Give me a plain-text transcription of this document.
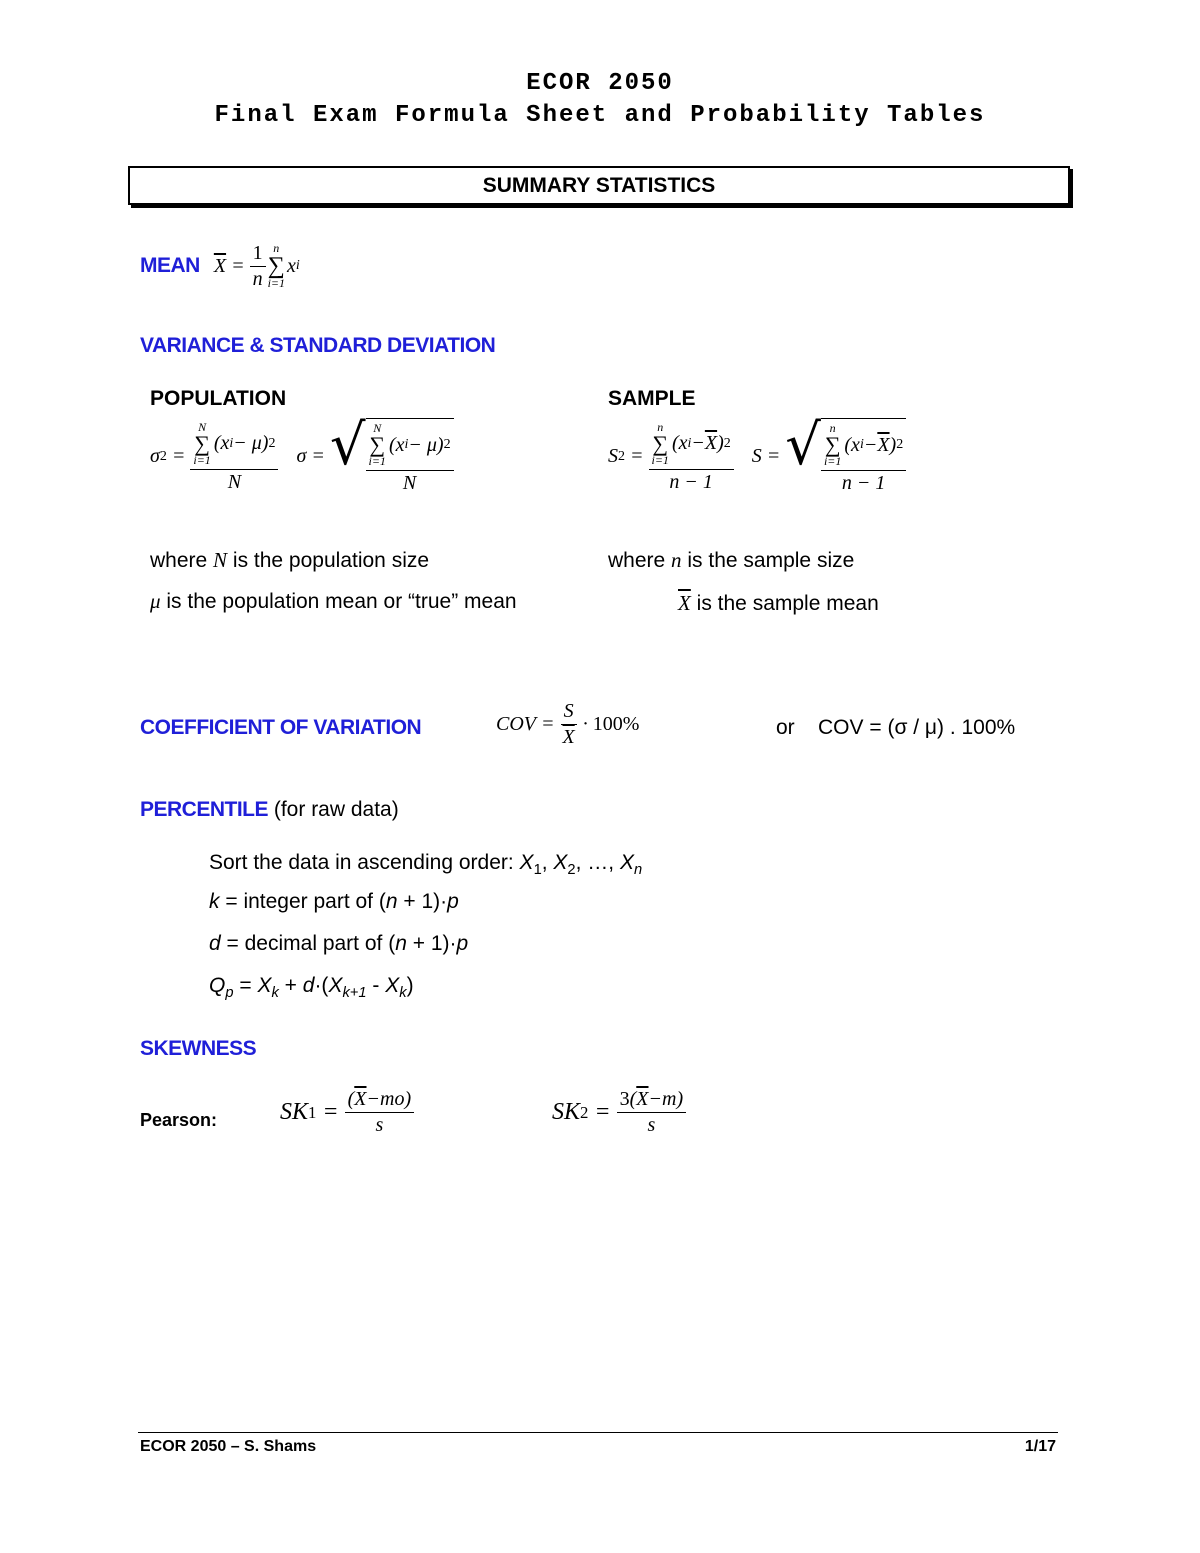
ECOR 2050
Final Exam Formula Sheet and Probability Tables
SUMMARY STATISTICS
MEAN $\overline{X} = \frac{1}{n}$ n
∑
i=1
x i
VARIANCE & STANDARD DEVIATION
POPULATION	SAMPLE
σ 2 = N
∑
i=1
(x i − μ) 2
N σ = √ N
∑
i=1
(x i − μ) 2
N	S 2 = n
∑
i=1
(x $i - \overline{X}$ ) 2
n − 1 S = √ n
∑
i=1
(x $i - \overline{X}$ ) 2
n − 1
where N is the population size
μ is the population mean or “true” mean
where n is the sample size
$\overline{X}$ is the sample mean
COEFFICIENT OF VARIATION	COV = $\frac{S}{X} \cdot 100\%$	or    COV = (σ / μ) . 100%
PERCENTILE (for raw data)
Sort the data in ascending order: $X_1$, $X_2$, …, $X_n$
k = integer part of (n + 1)·p
d = decimal part of (n + 1)·p
$Q_p = X_k + d\cdot(X_{k+1} - X_k)$
SKEWNESS
Pearson:	SK $1 = \frac{(\overline{X}-mo)}{s}$	SK $2 = \frac{3(\overline{X}-m)}{s}$
ECOR 2050 – S. Shams	1/17
